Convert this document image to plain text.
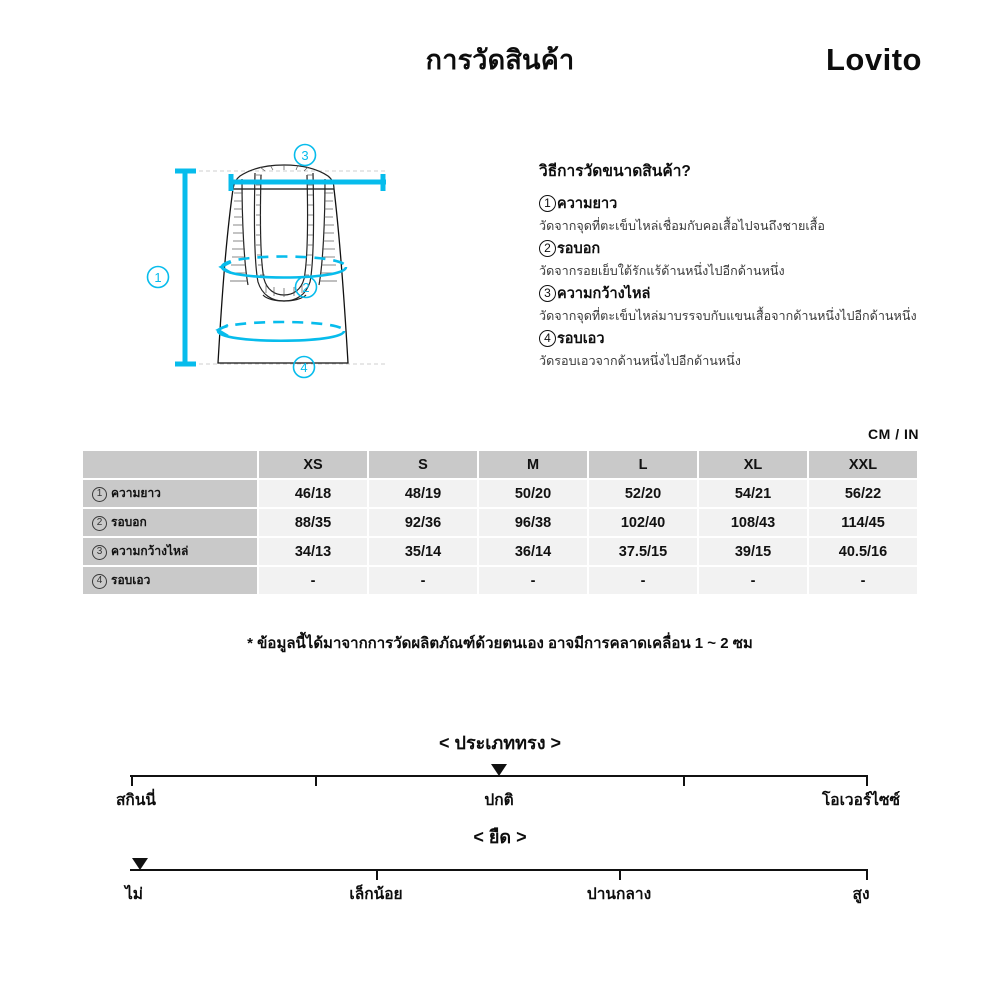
การวัดสินค้า	Lovito
1
3
2
4
วิธีการวัดขนาดสินค้า?
1 ความยาว
วัดจากจุดที่ตะเข็บไหล่เชื่อมกับคอเสื้อไปจนถึงชายเสื้อ
2 รอบอก
วัดจากรอยเย็บใต้รักแร้ด้านหนึ่งไปอีกด้านหนึ่ง
3 ความกว้างไหล่
วัดจากจุดที่ตะเข็บไหล่มาบรรจบกับแขนเสื้อจากด้านหนึ่งไปอีกด้านหนึ่ง
4 รอบเอว
วัดรอบเอวจากด้านหนึ่งไปอีกด้านหนึ่ง
CM / IN
	XS	S	M	L	XL	XXL
1 ความยาว	46/18	48/19	50/20	52/20	54/21	56/22
2 รอบอก	88/35	92/36	96/38	102/40	108/43	114/45
3 ความกว้างไหล่	34/13	35/14	36/14	37.5/15	39/15	40.5/16
4 รอบเอว	-	-	-	-	-	-
* ข้อมูลนี้ได้มาจากการวัดผลิตภัณฑ์ด้วยตนเอง อาจมีการคลาดเคลื่อน 1 ~ 2 ซม
< ประเภททรง >
สกินนี่	ปกติ	โอเวอร์ไซซ์
< ยืด >
ไม่	เล็กน้อย	ปานกลาง	สูง
